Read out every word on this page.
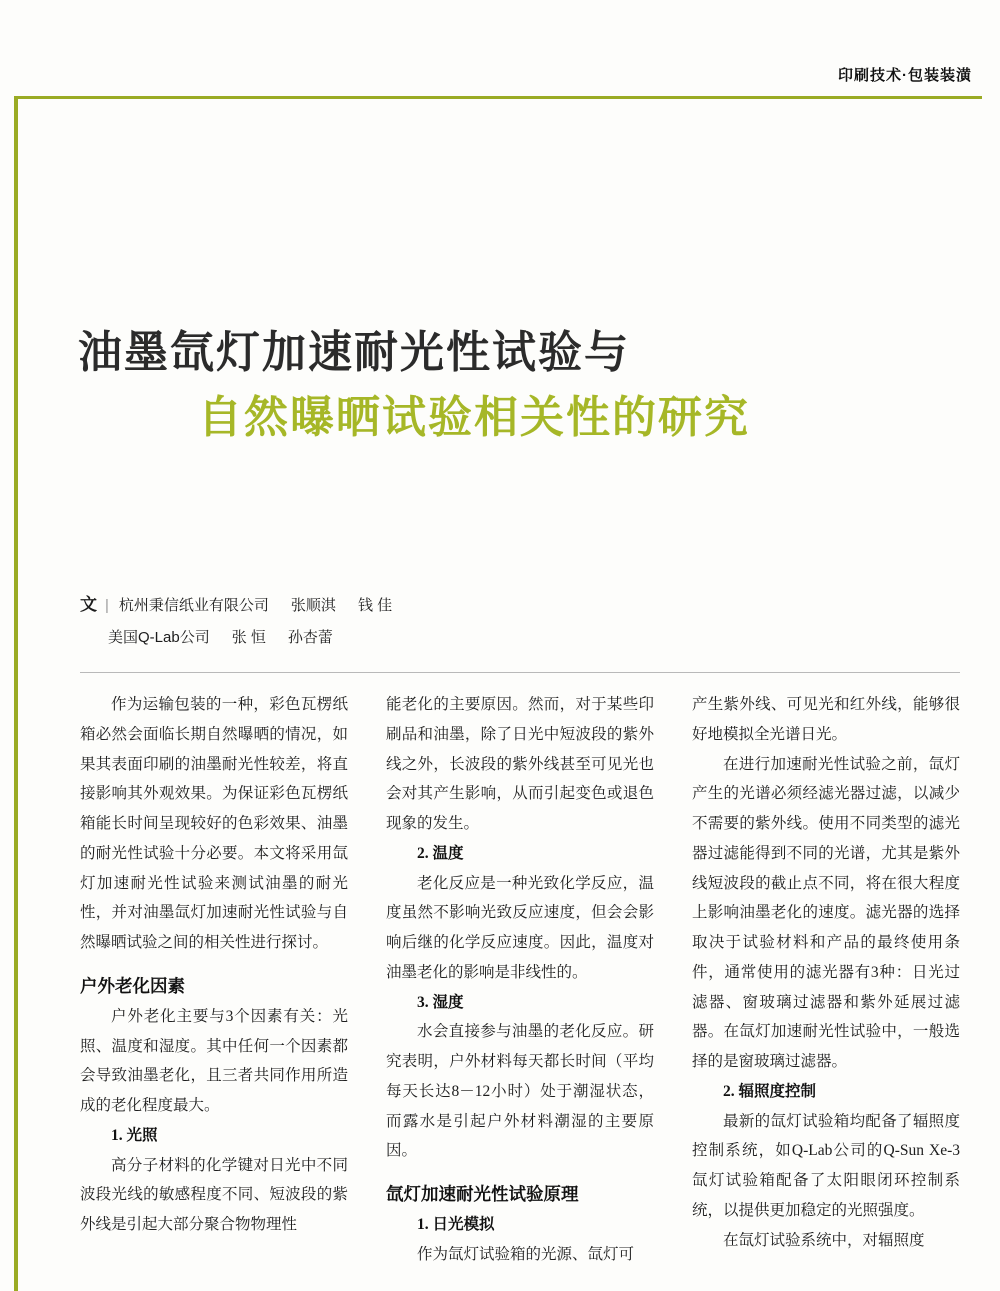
印刷技术·包装装潢
油墨氙灯加速耐光性试验与
自然曝晒试验相关性的研究
文 | 杭州秉信纸业有限公司 张顺淇 钱 佳
美国Q-Lab公司 张 恒 孙杏蕾

作为运输包装的一种，彩色瓦楞纸箱必然会面临长期自然曝晒的情况，如果其表面印刷的油墨耐光性较差，将直接影响其外观效果。为保证彩色瓦楞纸箱能长时间呈现较好的色彩效果、油墨的耐光性试验十分必要。本文将采用氙灯加速耐光性试验来测试油墨的耐光性，并对油墨氙灯加速耐光性试验与自然曝晒试验之间的相关性进行探讨。

户外老化因素

户外老化主要与3个因素有关：光照、温度和湿度。其中任何一个因素都会导致油墨老化，且三者共同作用所造成的老化程度最大。

1. 光照

高分子材料的化学键对日光中不同波段光线的敏感程度不同、短波段的紫外线是引起大部分聚合物物理性

能老化的主要原因。然而，对于某些印刷品和油墨，除了日光中短波段的紫外线之外，长波段的紫外线甚至可见光也会对其产生影响，从而引起变色或退色现象的发生。

2. 温度

老化反应是一种光致化学反应，温度虽然不影响光致反应速度，但会会影响后继的化学反应速度。因此，温度对油墨老化的影响是非线性的。

3. 湿度

水会直接参与油墨的老化反应。研究表明，户外材料每天都长时间（平均每天长达8－12小时）处于潮湿状态，而露水是引起户外材料潮湿的主要原因。

氙灯加速耐光性试验原理
1. 日光模拟

作为氙灯试验箱的光源、氙灯可

产生紫外线、可见光和红外线，能够很好地模拟全光谱日光。

在进行加速耐光性试验之前，氙灯产生的光谱必须经滤光器过滤，以减少不需要的紫外线。使用不同类型的滤光器过滤能得到不同的光谱，尤其是紫外线短波段的截止点不同，将在很大程度上影响油墨老化的速度。滤光器的选择取决于试验材料和产品的最终使用条件，通常使用的滤光器有3种：日光过滤器、窗玻璃过滤器和紫外延展过滤器。在氙灯加速耐光性试验中，一般选择的是窗玻璃过滤器。

2. 辐照度控制

最新的氙灯试验箱均配备了辐照度控制系统，如Q-Lab公司的Q-Sun Xe-3氙灯试验箱配备了太阳眼闭环控制系统，以提供更加稳定的光照强度。

在氙灯试验系统中，对辐照度
